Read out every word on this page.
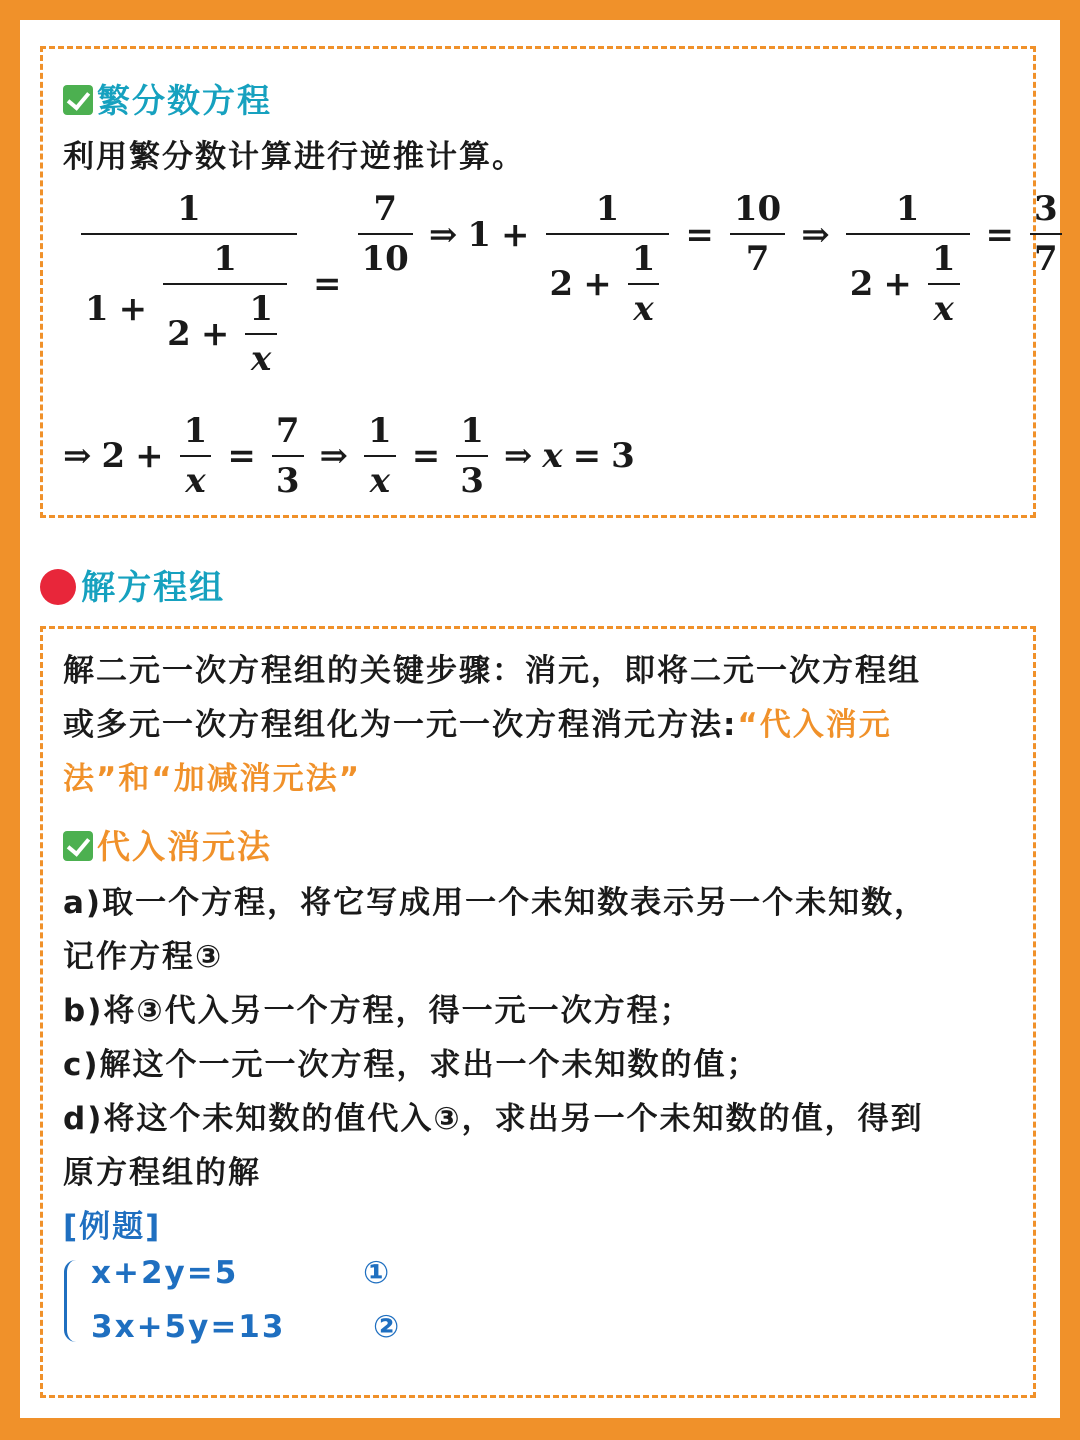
繁分数方程
利用繁分数计算进行逆推计算。
1
1 +
1
$2 + \frac{1}{x}$
=
$\frac{7}{10}$ ⇒ 1 +
1
$2 + \frac{1}{x}$
= $\frac{10}{7}$ ⇒
1
$2 + \frac{1}{x}$
= $\frac{3}{7}$
⇒ $2 + \frac{1}{x} = \frac{7}{3}$ ⇒ $\frac{1}{x} = \frac{1}{3}$ ⇒ x = 3
解方程组
解二元一次方程组的关键步骤：消元，即将二元一次方程组
或多元一次方程组化为一元一次方程消元方法:“代入消元
法”和“加减消元法”
代入消元法
a)取一个方程，将它写成用一个未知数表示另一个未知数，
记作方程③
b)将③代入另一个方程，得一元一次方程；
c)解这个一元一次方程，求出一个未知数的值；
d)将这个未知数的值代入③，求出另一个未知数的值，得到
原方程组的解
[例题]
x+2y=5	①
3x+5y=13	②
